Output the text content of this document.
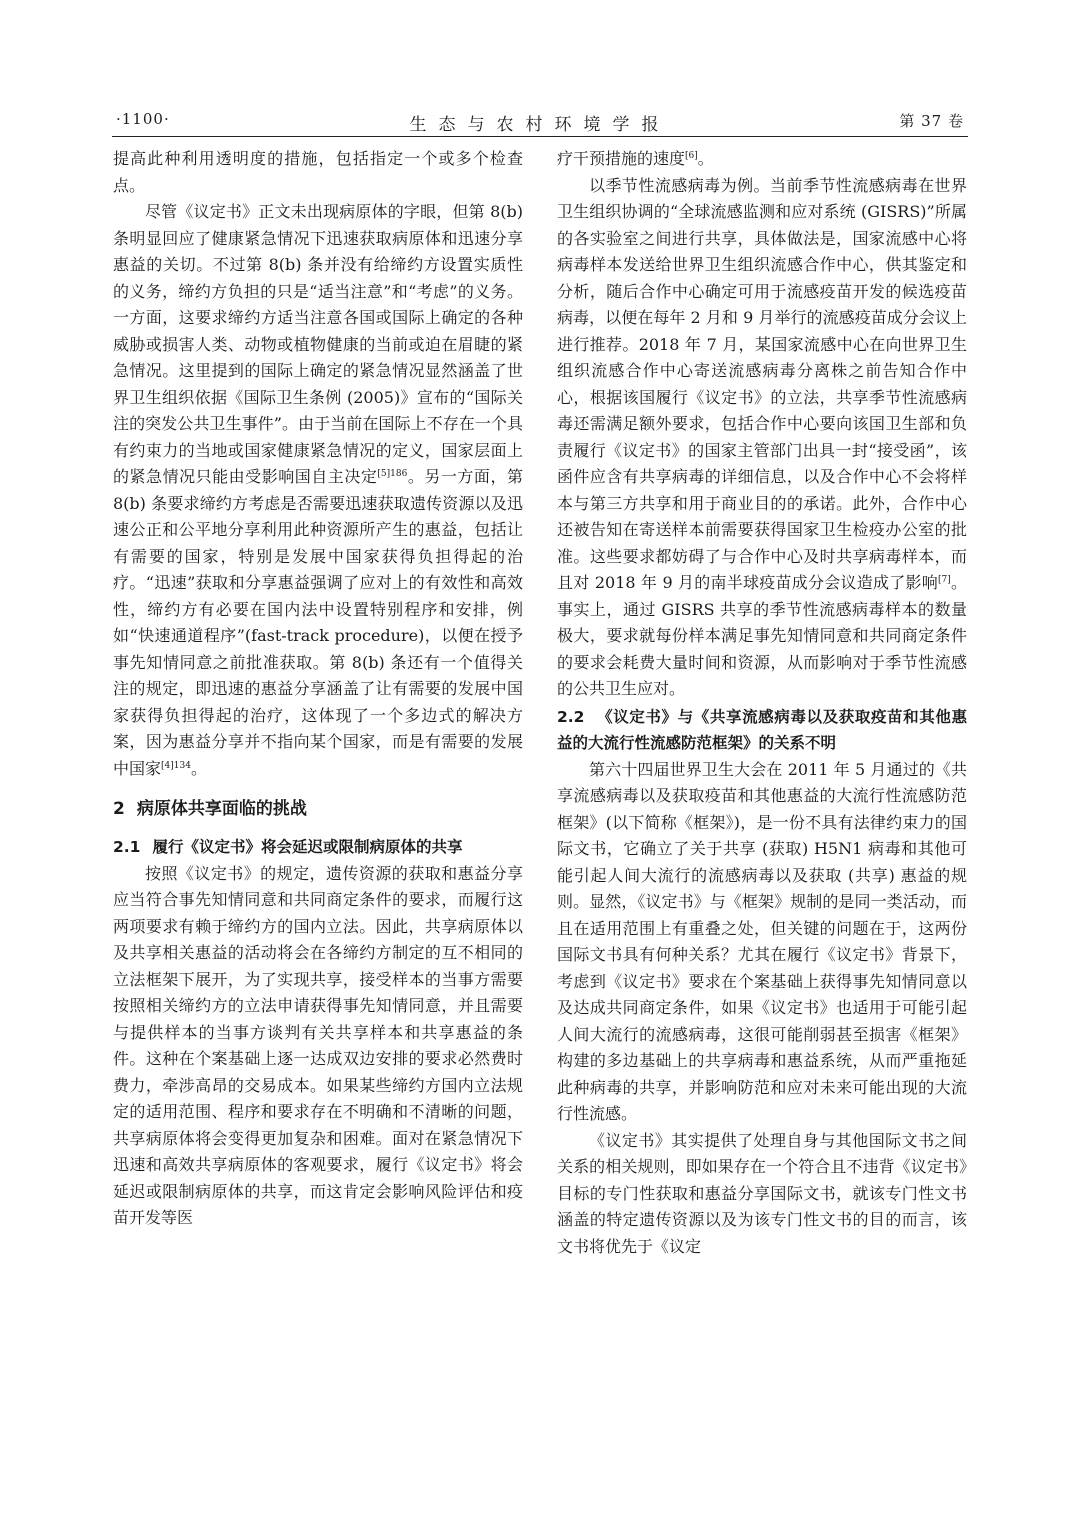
·1100·	生态与农村环境学报	第 37 卷

提高此种利用透明度的措施，包括指定一个或多个检查点。

尽管《议定书》正文未出现病原体的字眼，但第 8(b) 条明显回应了健康紧急情况下迅速获取病原体和迅速分享惠益的关切。不过第 8(b) 条并没有给缔约方设置实质性的义务，缔约方负担的只是“适当注意”和“考虑”的义务。一方面，这要求缔约方适当注意各国或国际上确定的各种威胁或损害人类、动物或植物健康的当前或迫在眉睫的紧急情况。这里提到的国际上确定的紧急情况显然涵盖了世界卫生组织依据《国际卫生条例 (2005)》宣布的“国际关注的突发公共卫生事件”。由于当前在国际上不存在一个具有约束力的当地或国家健康紧急情况的定义，国家层面上的紧急情况只能由受影响国自主决定$^{[5]186}$。另一方面，第 8(b) 条要求缔约方考虑是否需要迅速获取遗传资源以及迅速公正和公平地分享利用此种资源所产生的惠益，包括让有需要的国家，特别是发展中国家获得负担得起的治疗。“迅速”获取和分享惠益强调了应对上的有效性和高效性，缔约方有必要在国内法中设置特别程序和安排，例如“快速通道程序”(fast-track procedure)，以便在授予事先知情同意之前批准获取。第 8(b) 条还有一个值得关注的规定，即迅速的惠益分享涵盖了让有需要的发展中国家获得负担得起的治疗，这体现了一个多边式的解决方案，因为惠益分享并不指向某个国家，而是有需要的发展中国家$^{[4]134}$。

2 病原体共享面临的挑战
2.1 履行《议定书》将会延迟或限制病原体的共享

按照《议定书》的规定，遗传资源的获取和惠益分享应当符合事先知情同意和共同商定条件的要求，而履行这两项要求有赖于缔约方的国内立法。因此，共享病原体以及共享相关惠益的活动将会在各缔约方制定的互不相同的立法框架下展开，为了实现共享，接受样本的当事方需要按照相关缔约方的立法申请获得事先知情同意，并且需要与提供样本的当事方谈判有关共享样本和共享惠益的条件。这种在个案基础上逐一达成双边安排的要求必然费时费力，牵涉高昂的交易成本。如果某些缔约方国内立法规定的适用范围、程序和要求存在不明确和不清晰的问题，共享病原体将会变得更加复杂和困难。面对在紧急情况下迅速和高效共享病原体的客观要求，履行《议定书》将会延迟或限制病原体的共享，而这肯定会影响风险评估和疫苗开发等医

疗干预措施的速度[6]。

以季节性流感病毒为例。当前季节性流感病毒在世界卫生组织协调的“全球流感监测和应对系统 (GISRS)”所属的各实验室之间进行共享，具体做法是，国家流感中心将病毒样本发送给世界卫生组织流感合作中心，供其鉴定和分析，随后合作中心确定可用于流感疫苗开发的候选疫苗病毒，以便在每年 2 月和 9 月举行的流感疫苗成分会议上进行推荐。2018 年 7 月，某国家流感中心在向世界卫生组织流感合作中心寄送流感病毒分离株之前告知合作中心，根据该国履行《议定书》的立法，共享季节性流感病毒还需满足额外要求，包括合作中心要向该国卫生部和负责履行《议定书》的国家主管部门出具一封“接受函”，该函件应含有共享病毒的详细信息，以及合作中心不会将样本与第三方共享和用于商业目的的承诺。此外，合作中心还被告知在寄送样本前需要获得国家卫生检疫办公室的批准。这些要求都妨碍了与合作中心及时共享病毒样本，而且对 2018 年 9 月的南半球疫苗成分会议造成了影响[7]。事实上，通过 GISRS 共享的季节性流感病毒样本的数量极大，要求就每份样本满足事先知情同意和共同商定条件的要求会耗费大量时间和资源，从而影响对于季节性流感的公共卫生应对。

2.2 《议定书》与《共享流感病毒以及获取疫苗和其他惠益的大流行性流感防范框架》的关系不明

第六十四届世界卫生大会在 2011 年 5 月通过的《共享流感病毒以及获取疫苗和其他惠益的大流行性流感防范框架》(以下简称《框架》)，是一份不具有法律约束力的国际文书，它确立了关于共享 (获取) H5N1 病毒和其他可能引起人间大流行的流感病毒以及获取 (共享) 惠益的规则。显然，《议定书》与《框架》规制的是同一类活动，而且在适用范围上有重叠之处，但关键的问题在于，这两份国际文书具有何种关系？尤其在履行《议定书》背景下，考虑到《议定书》要求在个案基础上获得事先知情同意以及达成共同商定条件，如果《议定书》也适用于可能引起人间大流行的流感病毒，这很可能削弱甚至损害《框架》构建的多边基础上的共享病毒和惠益系统，从而严重拖延此种病毒的共享，并影响防范和应对未来可能出现的大流行性流感。

《议定书》其实提供了处理自身与其他国际文书之间关系的相关规则，即如果存在一个符合且不违背《议定书》目标的专门性获取和惠益分享国际文书，就该专门性文书涵盖的特定遗传资源以及为该专门性文书的目的而言，该文书将优先于《议定
